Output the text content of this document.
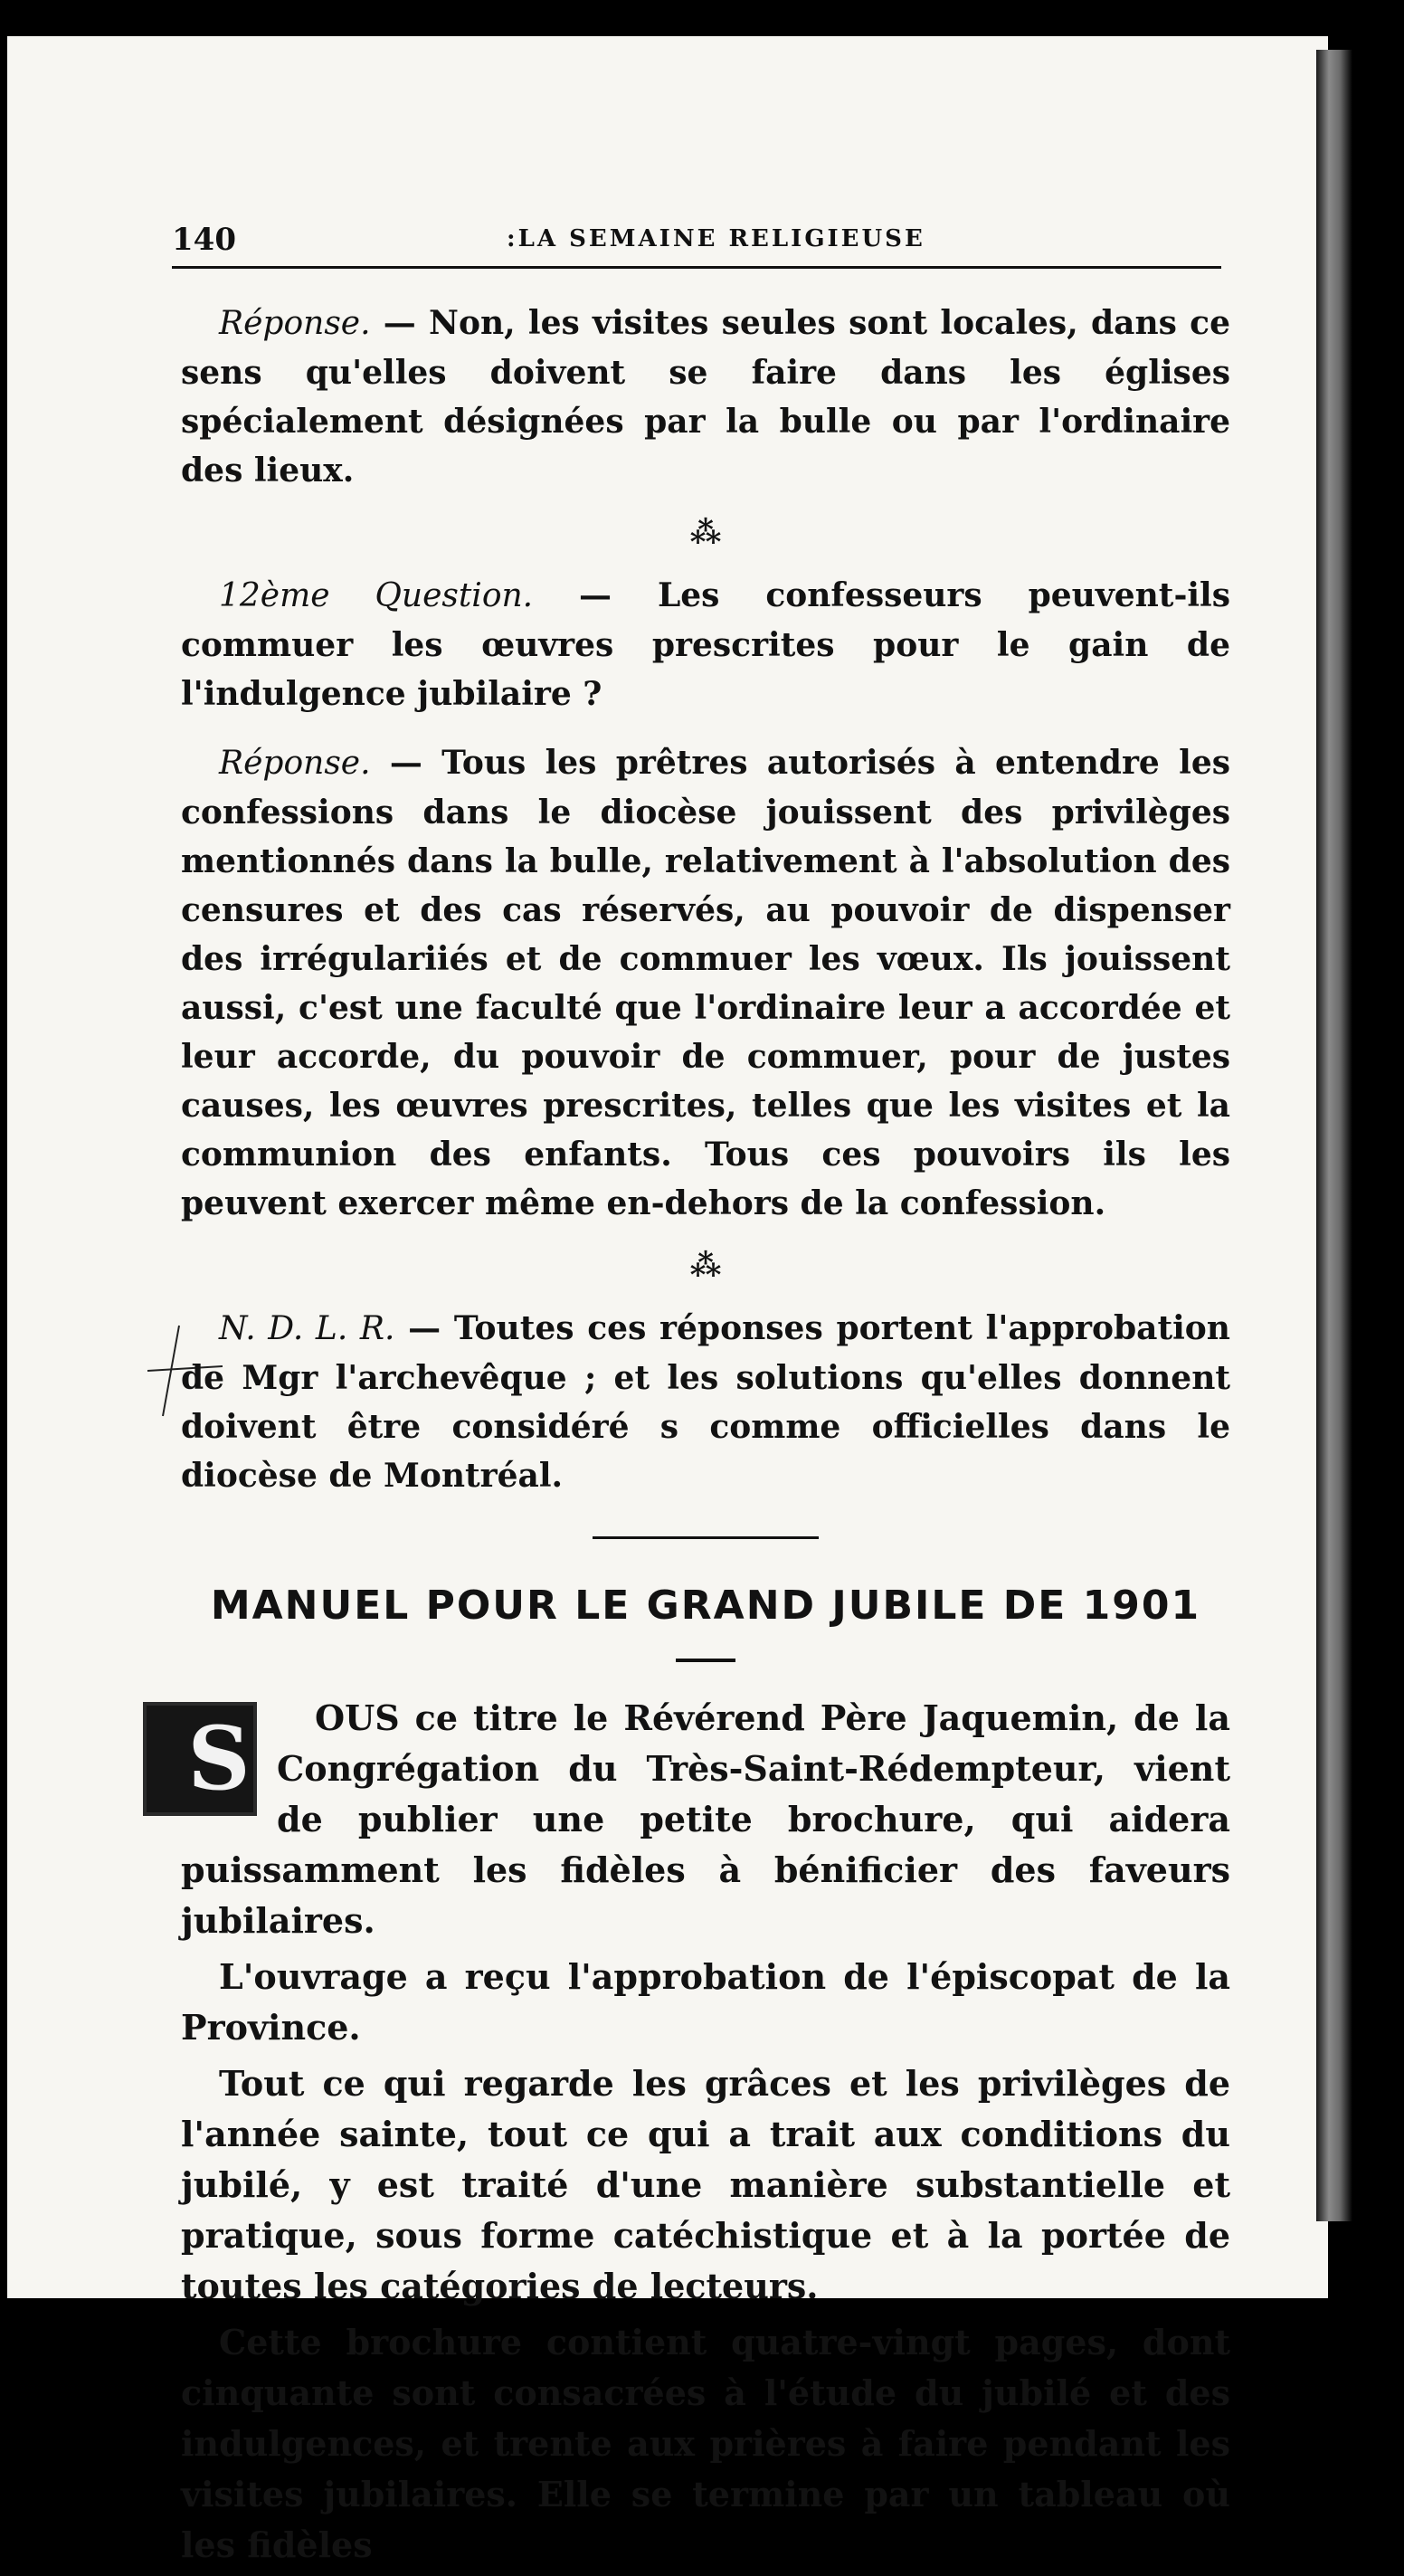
140	:LA SEMAINE RELIGIEUSE

Réponse. — Non, les visites seules sont locales, dans ce sens qu'elles doivent se faire dans les églises spécialement désignées par la bulle ou par l'ordinaire des lieux.

⁂

12ème Question. — Les confesseurs peuvent-ils commuer les œuvres prescrites pour le gain de l'indulgence jubilaire ?

Réponse. — Tous les prêtres autorisés à entendre les confessions dans le diocèse jouissent des privilèges mentionnés dans la bulle, relativement à l'absolution des censures et des cas réservés, au pouvoir de dispenser des irrégulariiés et de commuer les vœux. Ils jouissent aussi, c'est une faculté que l'ordinaire leur a accordée et leur accorde, du pouvoir de commuer, pour de justes causes, les œuvres prescrites, telles que les visites et la communion des enfants. Tous ces pouvoirs ils les peuvent exercer même en-dehors de la confession.

⁂

N. D. L. R. — Toutes ces réponses portent l'approbation de Mgr l'archevêque ; et les solutions qu'elles donnent doivent être considéré s comme officielles dans le diocèse de Montréal.

MANUEL POUR LE GRAND JUBILE DE 1901

S OUS ce titre le Révérend Père Jaquemin, de la Congrégation du Très-Saint-Rédempteur, vient de publier une petite brochure, qui aidera puissamment les fidèles à bénificier des faveurs jubilaires.

L'ouvrage a reçu l'approbation de l'épiscopat de la Province.

Tout ce qui regarde les grâces et les privilèges de l'année sainte, tout ce qui a trait aux conditions du jubilé, y est traité d'une manière substantielle et pratique, sous forme catéchistique et à la portée de toutes les catégories de lecteurs.

Cette brochure contient quatre-vingt pages, dont cinquante sont consacrées à l'étude du jubilé et des indulgences, et trente aux prières à faire pendant les visites jubilaires. Elle se termine par un tableau où les fidèles
